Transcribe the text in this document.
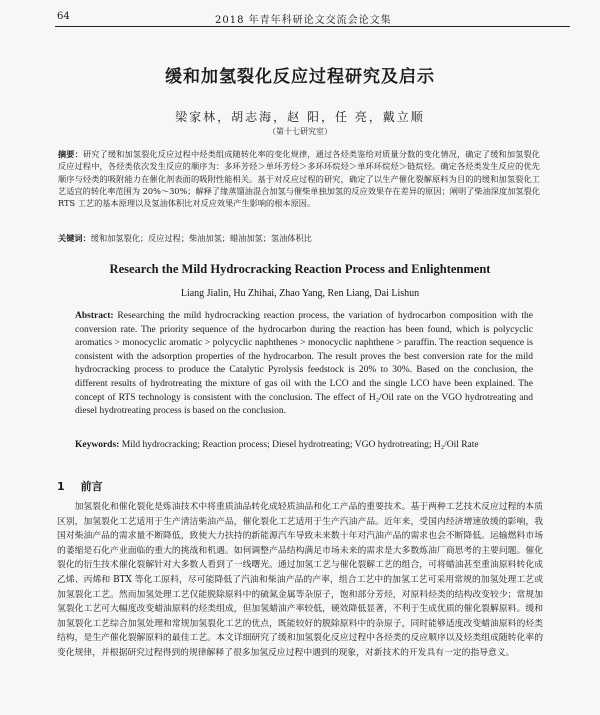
64	2018 年青年科研论文交流会论文集
缓和加氢裂化反应过程研究及启示
梁家林，胡志海，赵 阳，任 亮，戴立顺
（第十七研究室）
摘要：研究了缓和加氢裂化反应过程中烃类组成随转化率的变化规律，通过各烃类鉴给对质量分数的变化情况，确定了缓和加氢裂化反应过程中，各烃类依次发生反应的顺序为：多环芳烃＞单环芳烃＞多环环烷烃＞单环环烷烃＞链烷烃。确定各烃类发生反应的优先顺序与烃类的吸附能力在催化剂表面的吸附性能相关。基于对反应过程的研究，确定了以生产催化裂解原料为目的的缓和加氢裂化工艺适宜的转化率范围为 20%～30%；解释了缘蒸馏油混合加氢与催柴单独加氢的反应效果存在差异的原因；阐明了柴油深度加氢裂化 RTS 工艺的基本原理以及氢油体积比对反应效果产生影响的根本原因。
关键词：缓和加氢裂化；反应过程；柴油加氢；蜡油加氢；氢油体积比
Research the Mild Hydrocracking Reaction Process and Enlightenment
Liang Jialin, Hu Zhihai, Zhao Yang, Ren Liang, Dai Lishun
Abstract: Researching the mild hydrocracking reaction process, the variation of hydrocarbon composition with the conversion rate. The priority sequence of the hydrocarbon during the reaction has been found, which is polycyclic aromatics > monocyclic aromatic > polycyclic naphthenes > monocyclic naphthene > paraffin. The reaction sequence is consistent with the adsorption properties of the hydrocarbon. The result proves the best conversion rate for the mild hydrocracking process to produce the Catalytic Pyrolysis feedstock is 20% to 30%. Based on the conclusion, the different results of hydrotreating the mixture of gas oil with the LCO and the single LCO have been explained. The concept of RTS technology is consistent with the conclusion. The effect of H₂/Oil rate on the VGO hydrotreating and diesel hydrotreating process is based on the conclusion.
Keywords: Mild hydrocracking; Reaction process; Diesel hydrotreating; VGO hydrotreating; H₂/Oil Rate
1 前言
加氢裂化和催化裂化是炼油技术中将重质油品转化成轻质油品和化工产品的重要技术。基于两种工艺技术反应过程的本质区别，加氢裂化工艺适用于生产清洁柴油产品，催化裂化工艺适用于生产汽油产品。近年来，受国内经济增速放缓的影响，我国对柴油产品的需求量不断降低，致使大力扶持的新能源汽车导致未来数十年对汽油产品的需求也会不断降低。运输燃料市场的萎缩是石化产业面临的重大的挑战和机遇。如何调整产品结构满足市场未来的需求是大多数炼油厂商思考的主要问题。催化裂化的衍生技术催化裂解针对大多数人看到了一线曙光。通过加氢工艺与催化裂解工艺的组合，可将蜡油甚至重油原料转化成乙烯、丙烯和 BTX 等化工原料，尽可能降低了汽油和柴油产品的产率，组合工艺中的加氢工艺可采用常规的加氢处理工艺或加氢裂化工艺。然而加氢处理工艺仅能脱除原料中的硫氮金属等杂原子，饱和部分芳烃，对原料烃类的结构改变较少；常规加氢裂化工艺可大幅度改变蜡油原料的烃类组成，但加氢蜡油产率较低，硬效降低显著，不利于生成优质的催化裂解原料。缓和加氢裂化工艺综合加氢处理和常规加氢裂化工艺的优点，既能较好的脱除原料中的杂原子，同时能够适度改变蜡油原料的烃类结构，是生产催化裂解原料的最佳工艺。本文详细研究了缓和加氢裂化反应过程中各烃类的反应顺序以及烃类组成随转化率的变化规律，并根据研究过程得到的规律解释了很多加氢反应过程中遇到的现象，对新技术的开发具有一定的指导意义。
